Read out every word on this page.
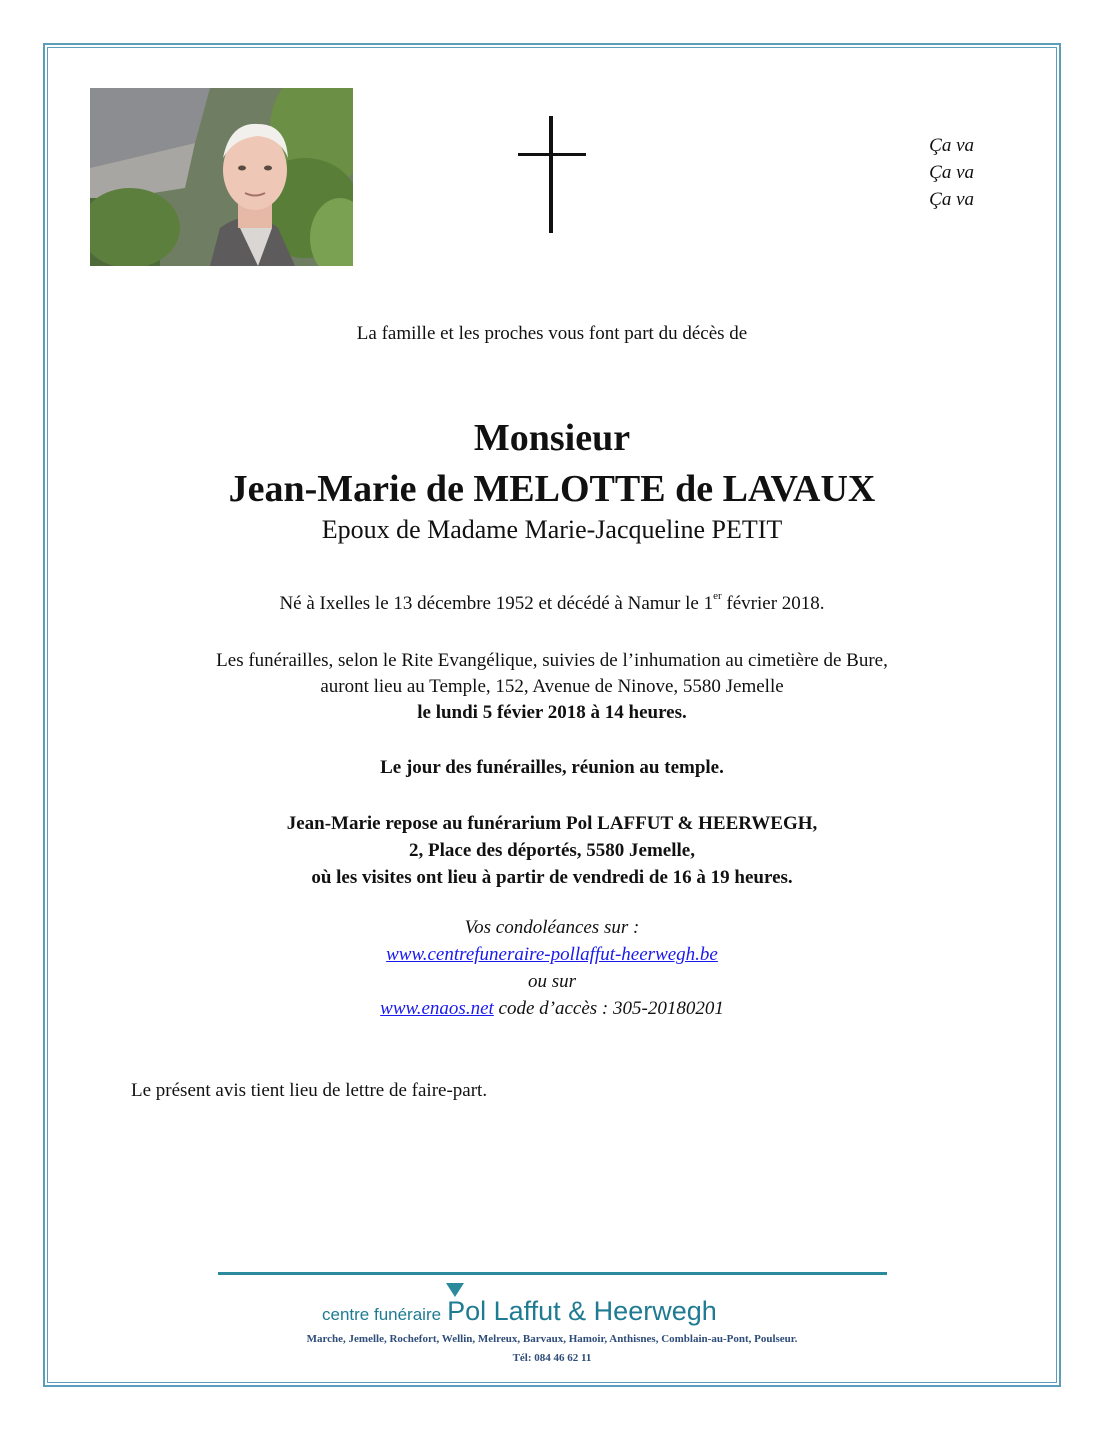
Ça va
Ça va
Ça va
La famille et les proches vous font part du décès de
Monsieur
Jean-Marie de MELOTTE de LAVAUX
Epoux de Madame Marie-Jacqueline PETIT
Né à Ixelles le 13 décembre 1952 et décédé à Namur le 1er février 2018.
Les funérailles, selon le Rite Evangélique, suivies de l’inhumation au cimetière de Bure,
auront lieu au Temple, 152, Avenue de Ninove, 5580 Jemelle
le lundi 5 févier 2018 à 14 heures.
Le jour des funérailles, réunion au temple.
Jean-Marie repose au funérarium Pol LAFFUT & HEERWEGH,
2, Place des déportés, 5580 Jemelle,
où les visites ont lieu à partir de vendredi de 16 à 19 heures.
Vos condoléances sur :
www.centrefuneraire-pollaffut-heerwegh.be
ou sur
www.enaos.net code d’accès : 305-20180201
Le présent avis tient lieu de lettre de faire-part.
centre funéraire Pol Laffut & Heerwegh
Marche, Jemelle, Rochefort, Wellin, Melreux, Barvaux, Hamoir, Anthisnes, Comblain-au-Pont, Poulseur.
Tél: 084 46 62 11
